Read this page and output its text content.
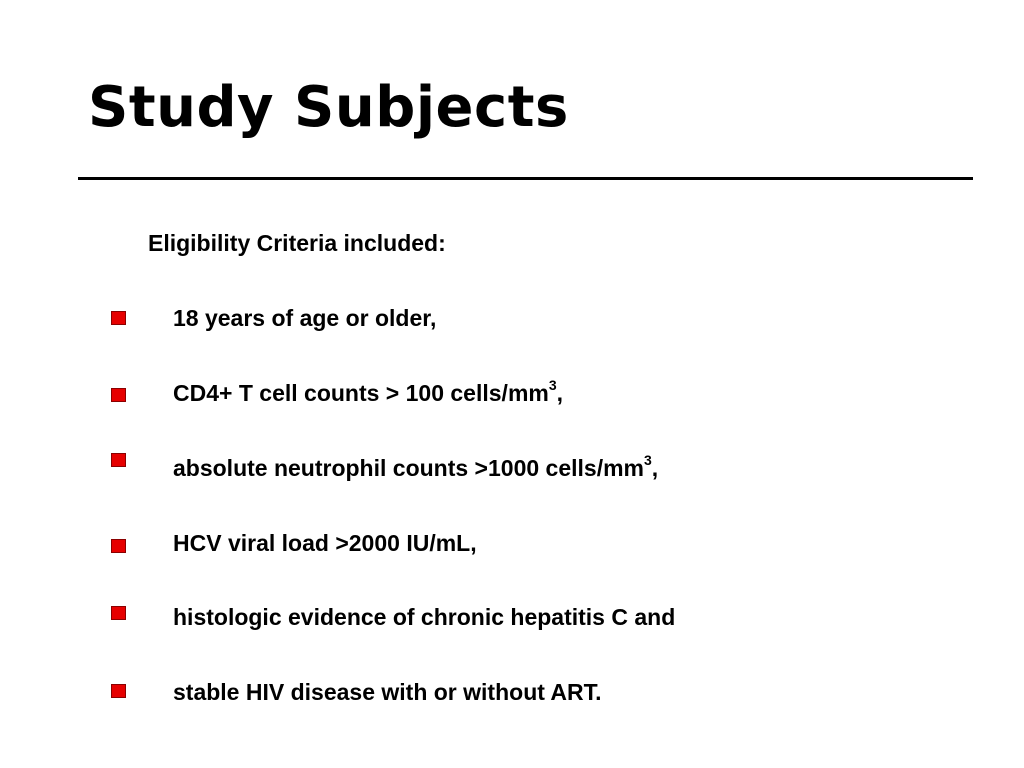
Study Subjects
Eligibility Criteria included:
18 years of age or older,
CD4+ T cell counts > 100 cells/$mm^3$,
absolute neutrophil counts >1000 cells/$mm^3$,
HCV viral load >2000 IU/mL,
histologic evidence of chronic hepatitis C and
stable HIV disease with or without ART.
